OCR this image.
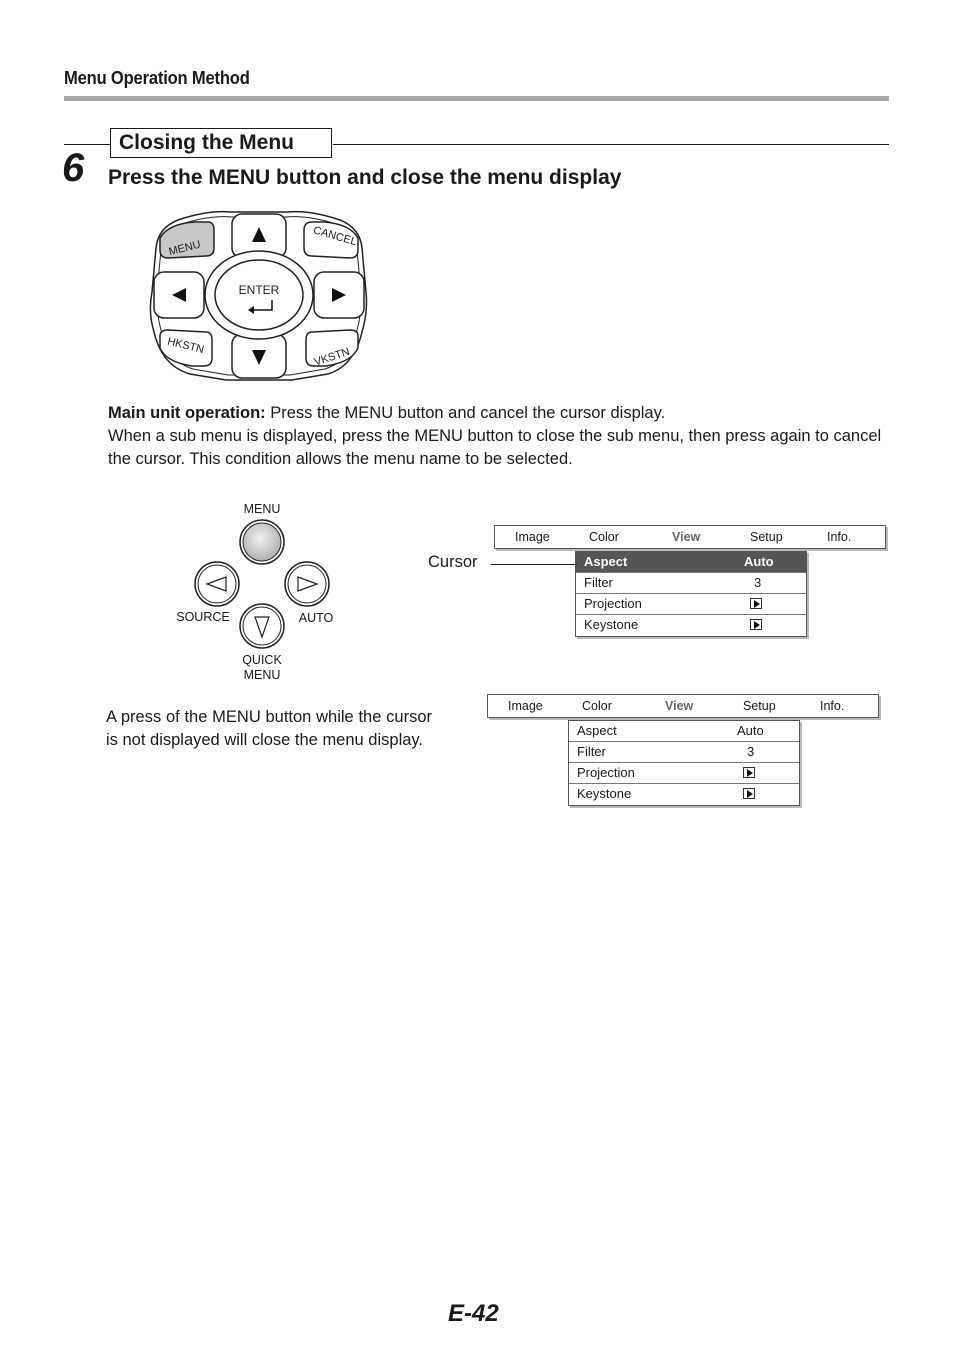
Menu Operation Method
Closing the Menu
6 Press the MENU button and close the menu display
MENU
CANCEL
HKSTN
VKSTN
ENTER
Main unit operation: Press the MENU button and cancel the cursor display.
When a sub menu is displayed, press the MENU button to close the sub menu, then press again to cancel the cursor. This condition allows the menu name to be selected.
MENU
SOURCE	AUTO
QUICK
MENU
Image	Color	View	Setup	Info.
Aspect	Auto
Filter	3
Projection
Keystone
Cursor
Image	Color	View	Setup	Info.
Aspect	Auto
Filter	3
Projection
Keystone
A press of the MENU button while the cursor is not displayed will close the menu display.
E-42
